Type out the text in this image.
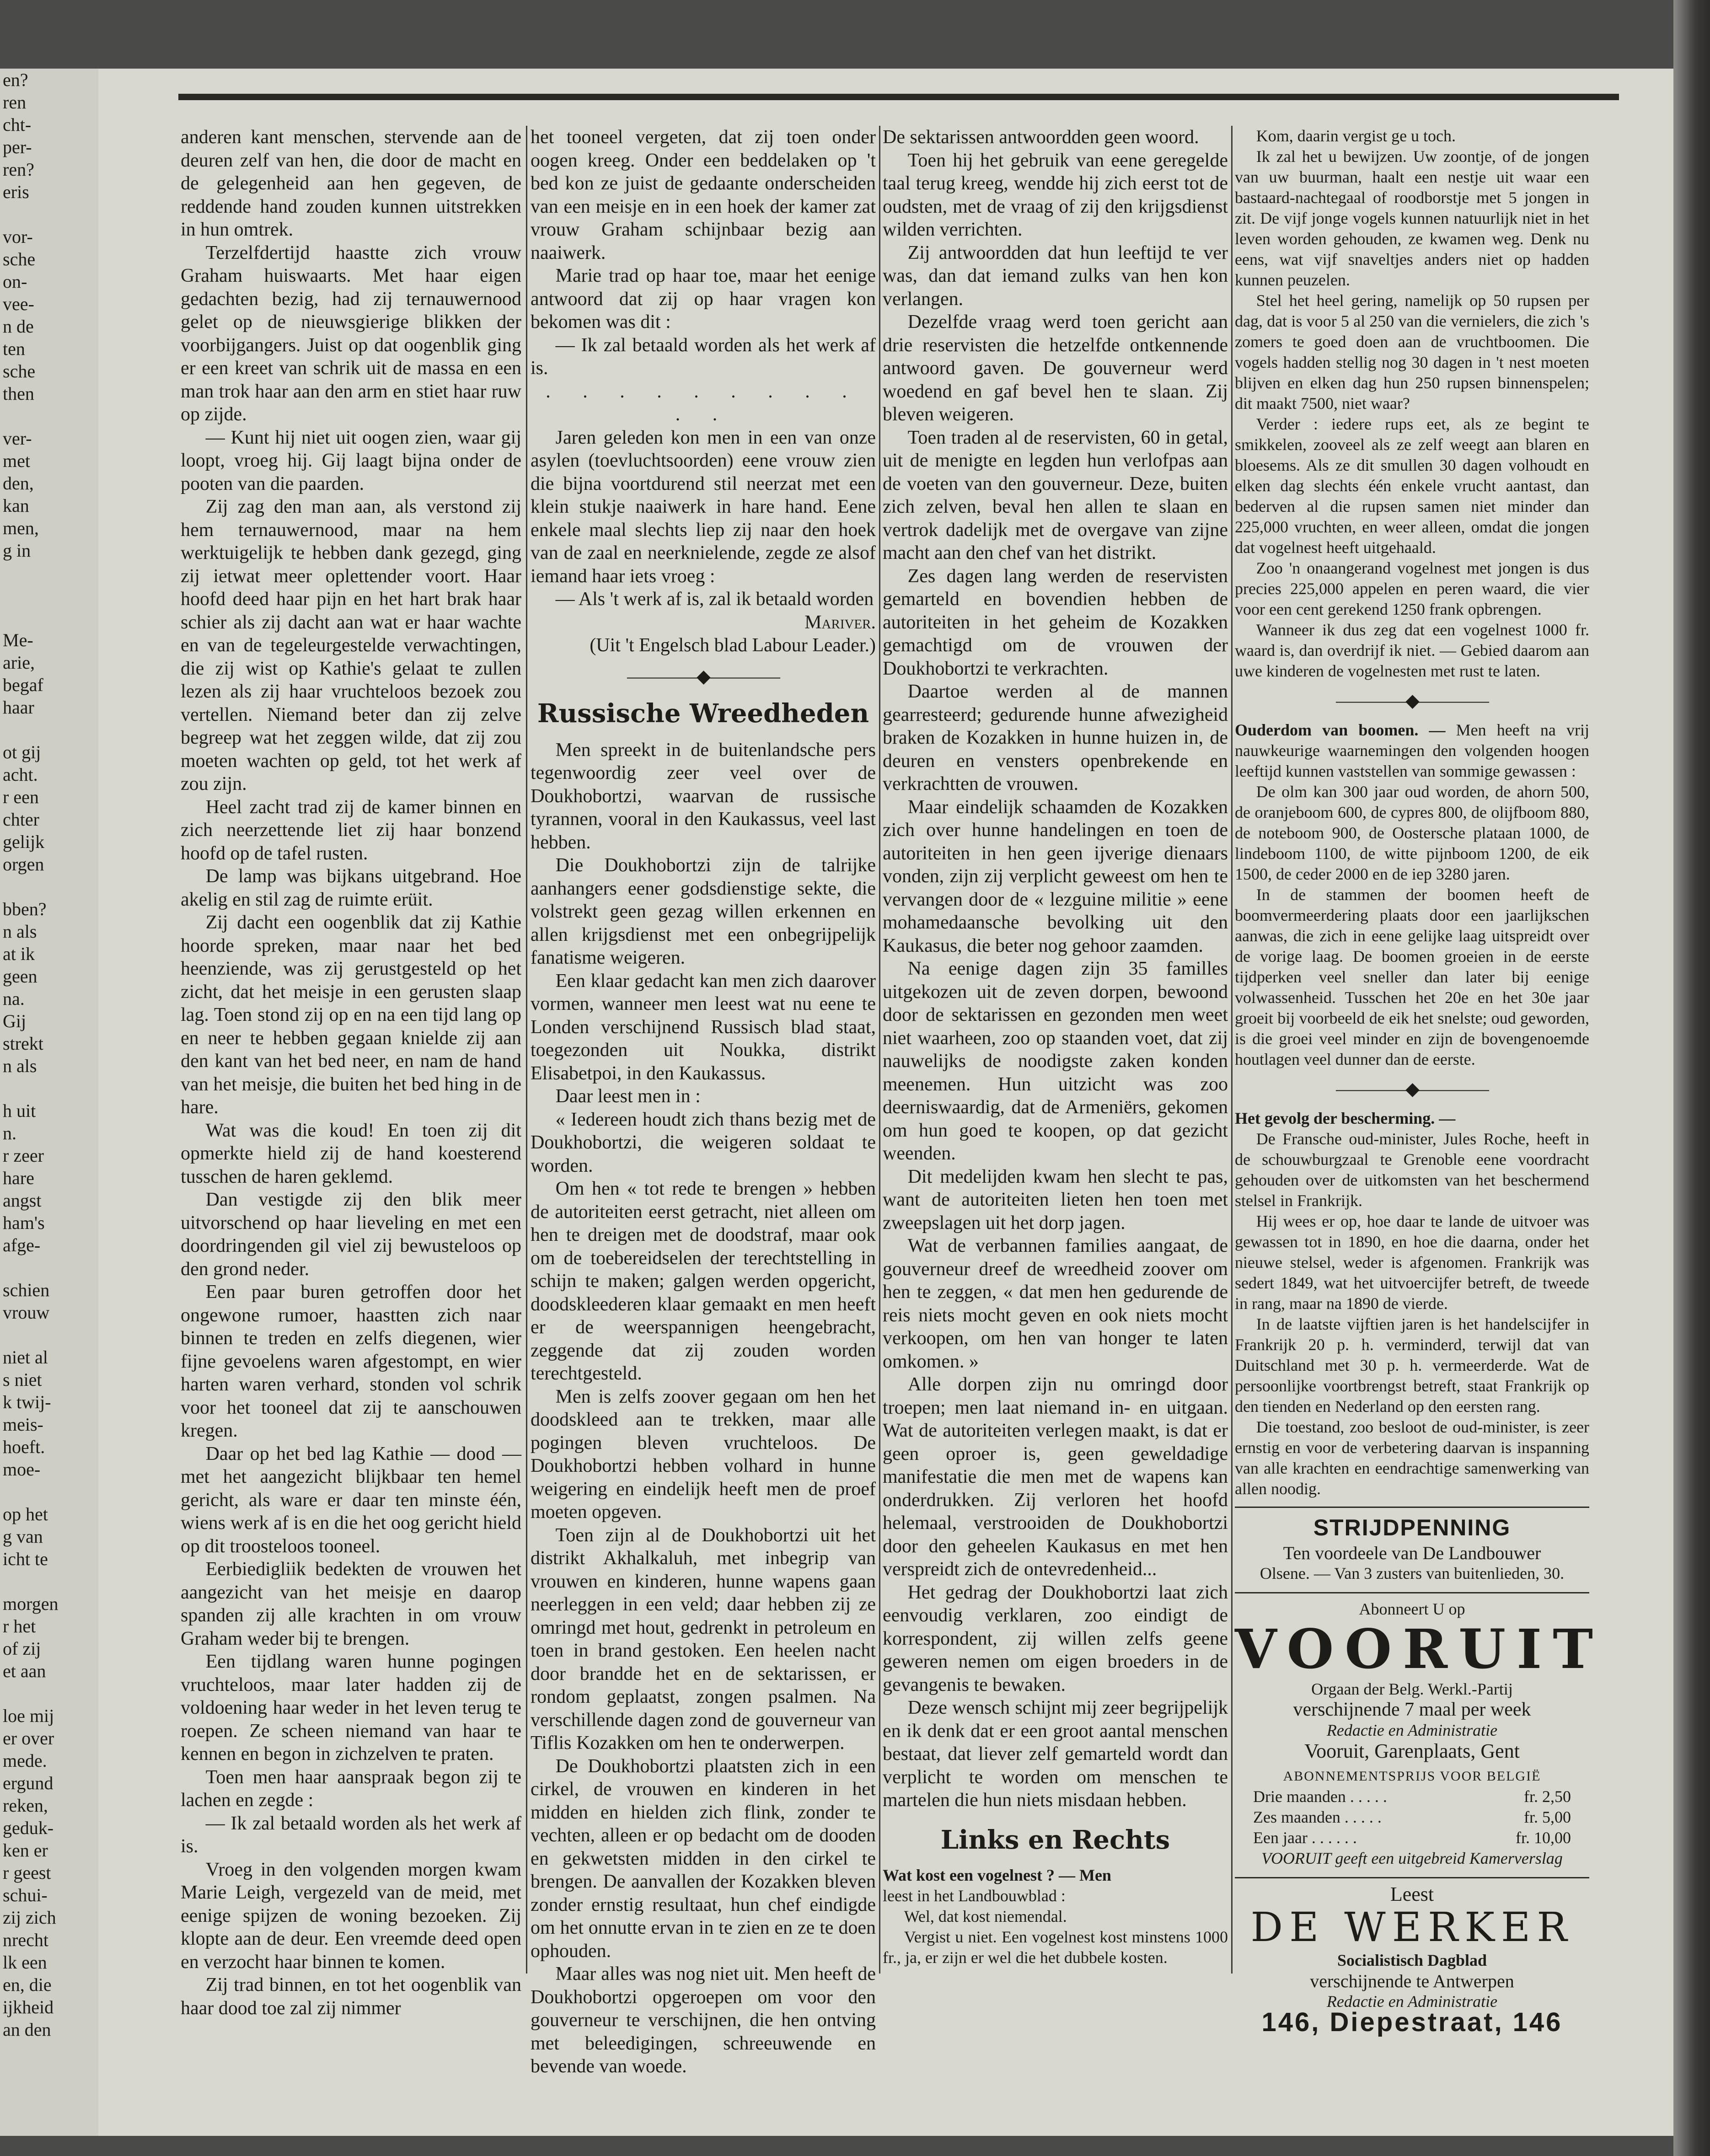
en?
ren
cht-
per-
ren?
eris

vor-
sche
on-
vee-
n de
ten
sche
then

ver-
met
den,
kan
men,
g in

Me-
arie,
begaf
haar

ot gij
acht.
r een
chter
gelijk
orgen

bben?
n als
at ik
geen
na.
Gij
strekt
n als

h uit
n.
r zeer
hare
angst
ham's
afge-

schien
vrouw

niet al
s niet
k twij-
meis-
hoeft.
moe-

op het
g van
icht te

morgen
r het
of zij
et aan

loe mij
er over
mede.
ergund
reken,
geduk-
ken er
r geest
schui-
zij zich
nrecht
lk een
en, die
ijkheid
an den

anderen kant menschen, stervende aan de deuren zelf van hen, die door de macht en de gelegenheid aan hen gegeven, de reddende hand zouden kunnen uitstrekken in hun omtrek.

Terzelfdertijd haastte zich vrouw Graham huiswaarts. Met haar eigen gedachten bezig, had zij ternauwernood gelet op de nieuwsgierige blikken der voorbijgangers. Juist op dat oogenblik ging er een kreet van schrik uit de massa en een man trok haar aan den arm en stiet haar ruw op zijde.

— Kunt hij niet uit oogen zien, waar gij loopt, vroeg hij. Gij laagt bijna onder de pooten van die paarden.

Zij zag den man aan, als verstond zij hem ternauwernood, maar na hem werktuigelijk te hebben dank gezegd, ging zij ietwat meer oplettender voort. Haar hoofd deed haar pijn en het hart brak haar schier als zij dacht aan wat er haar wachte en van de tegeleurgestelde verwachtingen, die zij wist op Kathie's gelaat te zullen lezen als zij haar vruchteloos bezoek zou vertellen. Niemand beter dan zij zelve begreep wat het zeggen wilde, dat zij zou moeten wachten op geld, tot het werk af zou zijn.

Heel zacht trad zij de kamer binnen en zich neerzettende liet zij haar bonzend hoofd op de tafel rusten.

De lamp was bijkans uitgebrand. Hoe akelig en stil zag de ruimte erüit.

Zij dacht een oogenblik dat zij Kathie hoorde spreken, maar naar het bed heenziende, was zij gerustgesteld op het zicht, dat het meisje in een gerusten slaap lag. Toen stond zij op en na een tijd lang op en neer te hebben gegaan knielde zij aan den kant van het bed neer, en nam de hand van het meisje, die buiten het bed hing in de hare.

Wat was die koud! En toen zij dit opmerkte hield zij de hand koesterend tusschen de haren geklemd.

Dan vestigde zij den blik meer uitvorschend op haar lieveling en met een doordringenden gil viel zij bewusteloos op den grond neder.

Een paar buren getroffen door het ongewone rumoer, haastten zich naar binnen te treden en zelfs diegenen, wier fijne gevoelens waren afgestompt, en wier harten waren verhard, stonden vol schrik voor het tooneel dat zij te aanschouwen kregen.

Daar op het bed lag Kathie — dood — met het aangezicht blijkbaar ten hemel gericht, als ware er daar ten minste één, wiens werk af is en die het oog gericht hield op dit troosteloos tooneel.

Eerbiedigliik bedekten de vrouwen het aangezicht van het meisje en daarop spanden zij alle krachten in om vrouw Graham weder bij te brengen.

Een tijdlang waren hunne pogingen vruchteloos, maar later hadden zij de voldoening haar weder in het leven terug te roepen. Ze scheen niemand van haar te kennen en begon in zichzelven te praten.

Toen men haar aanspraak begon zij te lachen en zegde :

— Ik zal betaald worden als het werk af is.

Vroeg in den volgenden morgen kwam Marie Leigh, vergezeld van de meid, met eenige spijzen de woning bezoeken. Zij klopte aan de deur. Een vreemde deed open en verzocht haar binnen te komen.

Zij trad binnen, en tot het oogenblik van haar dood toe zal zij nimmer

het tooneel vergeten, dat zij toen onder oogen kreeg. Onder een beddelaken op 't bed kon ze juist de gedaante onderscheiden van een meisje en in een hoek der kamer zat vrouw Graham schijnbaar bezig aan naaiwerk.

Marie trad op haar toe, maar het eenige antwoord dat zij op haar vragen kon bekomen was dit :

— Ik zal betaald worden als het werk af is.

. . . . . . . . . . .

Jaren geleden kon men in een van onze asylen (toevluchtsoorden) eene vrouw zien die bijna voortdurend stil neerzat met een klein stukje naaiwerk in hare hand. Eene enkele maal slechts liep zij naar den hoek van de zaal en neerknielende, zegde ze alsof iemand haar iets vroeg :

— Als 't werk af is, zal ik betaald worden

Mariver.
(Uit 't Engelsch blad Labour Leader.)
————◆————
Russische Wreedheden

Men spreekt in de buitenlandsche pers tegenwoordig zeer veel over de Doukhobortzi, waarvan de russische tyrannen, vooral in den Kaukassus, veel last hebben.

Die Doukhobortzi zijn de talrijke aanhangers eener godsdienstige sekte, die volstrekt geen gezag willen erkennen en allen krijgsdienst met een onbegrijpelijk fanatisme weigeren.

Een klaar gedacht kan men zich daarover vormen, wanneer men leest wat nu eene te Londen verschijnend Russisch blad staat, toegezonden uit Noukka, distrikt Elisabetpoi, in den Kaukassus.

Daar leest men in :

« Iedereen houdt zich thans bezig met de Doukhobortzi, die weigeren soldaat te worden.

Om hen « tot rede te brengen » hebben de autoriteiten eerst getracht, niet alleen om hen te dreigen met de doodstraf, maar ook om de toebereidselen der terechtstelling in schijn te maken; galgen werden opgericht, doodskleederen klaar gemaakt en men heeft er de weerspannigen heengebracht, zeggende dat zij zouden worden terechtgesteld.

Men is zelfs zoover gegaan om hen het doodskleed aan te trekken, maar alle pogingen bleven vruchteloos. De Doukhobortzi hebben volhard in hunne weigering en eindelijk heeft men de proef moeten opgeven.

Toen zijn al de Doukhobortzi uit het distrikt Akhalkaluh, met inbegrip van vrouwen en kinderen, hunne wapens gaan neerleggen in een veld; daar hebben zij ze omringd met hout, gedrenkt in petroleum en toen in brand gestoken. Een heelen nacht door brandde het en de sektarissen, er rondom geplaatst, zongen psalmen. Na verschillende dagen zond de gouverneur van Tiflis Kozakken om hen te onderwerpen.

De Doukhobortzi plaatsten zich in een cirkel, de vrouwen en kinderen in het midden en hielden zich flink, zonder te vechten, alleen er op bedacht om de dooden en gekwetsten midden in den cirkel te brengen. De aanvallen der Kozakken bleven zonder ernstig resultaat, hun chef eindigde om het onnutte ervan in te zien en ze te doen ophouden.

Maar alles was nog niet uit. Men heeft de Doukhobortzi opgeroepen om voor den gouverneur te verschijnen, die hen ontving met beleedigingen, schreeuwende en bevende van woede.

De sektarissen antwoordden geen woord.

Toen hij het gebruik van eene geregelde taal terug kreeg, wendde hij zich eerst tot de oudsten, met de vraag of zij den krijgsdienst wilden verrichten.

Zij antwoordden dat hun leeftijd te ver was, dan dat iemand zulks van hen kon verlangen.

Dezelfde vraag werd toen gericht aan drie reservisten die hetzelfde ontkennende antwoord gaven. De gouverneur werd woedend en gaf bevel hen te slaan. Zij bleven weigeren.

Toen traden al de reservisten, 60 in getal, uit de menigte en legden hun verlofpas aan de voeten van den gouverneur. Deze, buiten zich zelven, beval hen allen te slaan en vertrok dadelijk met de overgave van zijne macht aan den chef van het distrikt.

Zes dagen lang werden de reservisten gemarteld en bovendien hebben de autoriteiten in het geheim de Kozakken gemachtigd om de vrouwen der Doukhobortzi te verkrachten.

Daartoe werden al de mannen gearresteerd; gedurende hunne afwezigheid braken de Kozakken in hunne huizen in, de deuren en vensters openbrekende en verkrachtten de vrouwen.

Maar eindelijk schaamden de Kozakken zich over hunne handelingen en toen de autoriteiten in hen geen ijverige dienaars vonden, zijn zij verplicht geweest om hen te vervangen door de « lezguine militie » eene mohamedaansche bevolking uit den Kaukasus, die beter nog gehoor zaamden.

Na eenige dagen zijn 35 familles uitgekozen uit de zeven dorpen, bewoond door de sektarissen en gezonden men weet niet waarheen, zoo op staanden voet, dat zij nauwelijks de noodigste zaken konden meenemen. Hun uitzicht was zoo deerniswaardig, dat de Armeniërs, gekomen om hun goed te koopen, op dat gezicht weenden.

Dit medelijden kwam hen slecht te pas, want de autoriteiten lieten hen toen met zweepslagen uit het dorp jagen.

Wat de verbannen families aangaat, de gouverneur dreef de wreedheid zoover om hen te zeggen, « dat men hen gedurende de reis niets mocht geven en ook niets mocht verkoopen, om hen van honger te laten omkomen. »

Alle dorpen zijn nu omringd door troepen; men laat niemand in- en uitgaan. Wat de autoriteiten verlegen maakt, is dat er geen oproer is, geen geweldadige manifestatie die men met de wapens kan onderdrukken. Zij verloren het hoofd helemaal, verstrooiden de Doukhobortzi door den geheelen Kaukasus en met hen verspreidt zich de ontevredenheid...

Het gedrag der Doukhobortzi laat zich eenvoudig verklaren, zoo eindigt de korrespondent, zij willen zelfs geene geweren nemen om eigen broeders in de gevangenis te bewaken.

Deze wensch schijnt mij zeer begrijpelijk en ik denk dat er een groot aantal menschen bestaat, dat liever zelf gemarteld wordt dan verplicht te worden om menschen te martelen die hun niets misdaan hebben.

Links en Rechts
Wat kost een vogelnest ? — Men
leest in het Landbouwblad :

Wel, dat kost niemendal.

Vergist u niet. Een vogelnest kost minstens 1000 fr., ja, er zijn er wel die het dubbele kosten.

Kom, daarin vergist ge u toch.

Ik zal het u bewijzen. Uw zoontje, of de jongen van uw buurman, haalt een nestje uit waar een bastaard-nachtegaal of roodborstje met 5 jongen in zit. De vijf jonge vogels kunnen natuurlijk niet in het leven worden gehouden, ze kwamen weg. Denk nu eens, wat vijf snaveltjes anders niet op hadden kunnen peuzelen.

Stel het heel gering, namelijk op 50 rupsen per dag, dat is voor 5 al 250 van die vernielers, die zich 's zomers te goed doen aan de vruchtboomen. Die vogels hadden stellig nog 30 dagen in 't nest moeten blijven en elken dag hun 250 rupsen binnenspelen; dit maakt 7500, niet waar?

Verder : iedere rups eet, als ze begint te smikkelen, zooveel als ze zelf weegt aan blaren en bloesems. Als ze dit smullen 30 dagen volhoudt en elken dag slechts één enkele vrucht aantast, dan bederven al die rupsen samen niet minder dan 225,000 vruchten, en weer alleen, omdat die jongen dat vogelnest heeft uitgehaald.

Zoo 'n onaangerand vogelnest met jongen is dus precies 225,000 appelen en peren waard, die vier voor een cent gerekend 1250 frank opbrengen.

Wanneer ik dus zeg dat een vogelnest 1000 fr. waard is, dan overdrijf ik niet. — Gebied daarom aan uwe kinderen de vogelnesten met rust te laten.

————◆————

Ouderdom van boomen. — Men heeft na vrij nauwkeurige waarnemingen den volgenden hoogen leeftijd kunnen vaststellen van sommige gewassen :

De olm kan 300 jaar oud worden, de ahorn 500, de oranjeboom 600, de cypres 800, de olijfboom 880, de noteboom 900, de Oostersche plataan 1000, de lindeboom 1100, de witte pijnboom 1200, de eik 1500, de ceder 2000 en de iep 3280 jaren.

In de stammen der boomen heeft de boomvermeerdering plaats door een jaarlijkschen aanwas, die zich in eene gelijke laag uitspreidt over de vorige laag. De boomen groeien in de eerste tijdperken veel sneller dan later bij eenige volwassenheid. Tusschen het 20e en het 30e jaar groeit bij voorbeeld de eik het snelste; oud geworden, is die groei veel minder en zijn de bovengenoemde houtlagen veel dunner dan de eerste.

————◆————

Het gevolg der bescherming. —

De Fransche oud-minister, Jules Roche, heeft in de schouwburgzaal te Grenoble eene voordracht gehouden over de uitkomsten van het beschermend stelsel in Frankrijk.

Hij wees er op, hoe daar te lande de uitvoer was gewassen tot in 1890, en hoe die daarna, onder het nieuwe stelsel, weder is afgenomen. Frankrijk was sedert 1849, wat het uitvoercijfer betreft, de tweede in rang, maar na 1890 de vierde.

In de laatste vijftien jaren is het handelscijfer in Frankrijk 20 p. h. verminderd, terwijl dat van Duitschland met 30 p. h. vermeerderde. Wat de persoonlijke voortbrengst betreft, staat Frankrijk op den tienden en Nederland op den eersten rang.

Die toestand, zoo besloot de oud-minister, is zeer ernstig en voor de verbetering daarvan is inspanning van alle krachten en eendrachtige samenwerking van allen noodig.

STRIJDPENNING
Ten voordeele van De Landbouwer
Olsene. — Van 3 zusters van buitenlieden, 30.
Abonneert U op
VOORUIT
Orgaan der Belg. Werkl.-Partij
verschijnende 7 maal per week
Redactie en Administratie
Vooruit, Garenplaats, Gent
ABONNEMENTSPRIJS VOOR BELGIË
Drie maanden . . . . .	fr. 2,50
Zes maanden . . . . .	fr. 5,00
Een jaar . . . . . .	fr. 10,00
VOORUIT geeft een uitgebreid Kamerverslag
Leest
DE WERKER
Socialistisch Dagblad
verschijnende te Antwerpen
Redactie en Administratie
146, Diepestraat, 146
